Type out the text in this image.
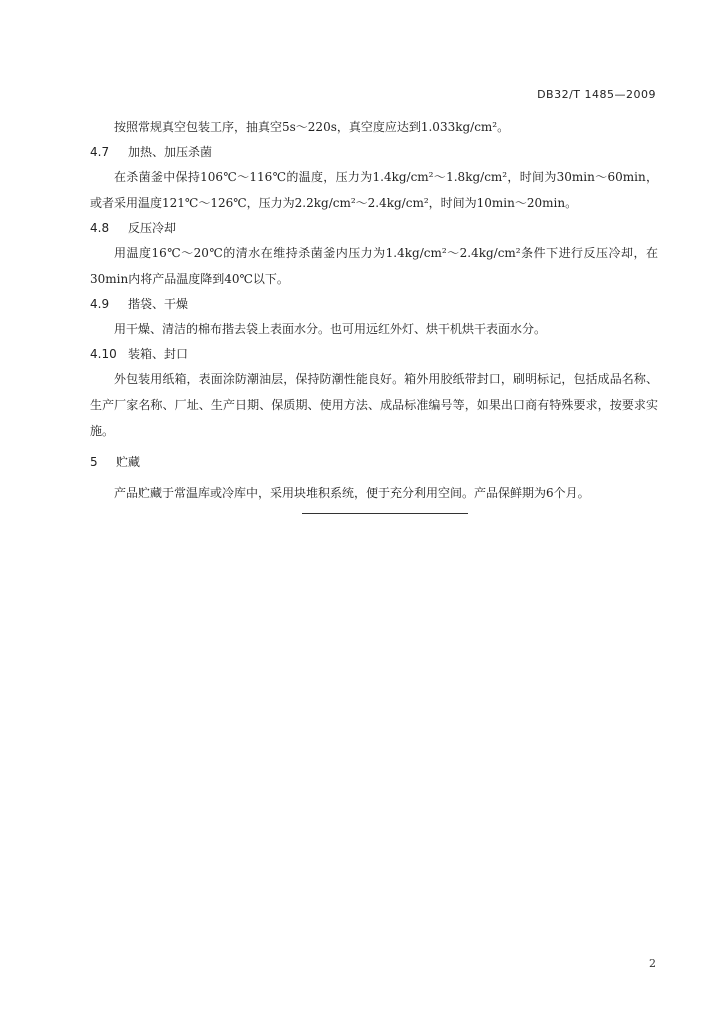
DB32/T 1485—2009

按照常规真空包装工序，抽真空5s～220s，真空度应达到1.033kg/cm²。

4.7 加热、加压杀菌

在杀菌釜中保持106℃～116℃的温度，压力为1.4kg/cm²～1.8kg/cm²，时间为30min～60min，或者采用温度121℃～126℃，压力为2.2kg/cm²～2.4kg/cm²，时间为10min～20min。

4.8 反压冷却

用温度16℃～20℃的清水在维持杀菌釜内压力为1.4kg/cm²～2.4kg/cm²条件下进行反压冷却，在30min内将产品温度降到40℃以下。

4.9 揩袋、干燥

用干燥、清洁的棉布揩去袋上表面水分。也可用远红外灯、烘干机烘干表面水分。

4.10 装箱、封口

外包装用纸箱，表面涂防潮油层，保持防潮性能良好。箱外用胶纸带封口，刷明标记，包括成品名称、生产厂家名称、厂址、生产日期、保质期、使用方法、成品标准编号等，如果出口商有特殊要求，按要求实施。

5 贮藏

产品贮藏于常温库或冷库中，采用块堆积系统，便于充分利用空间。产品保鲜期为6个月。

2
